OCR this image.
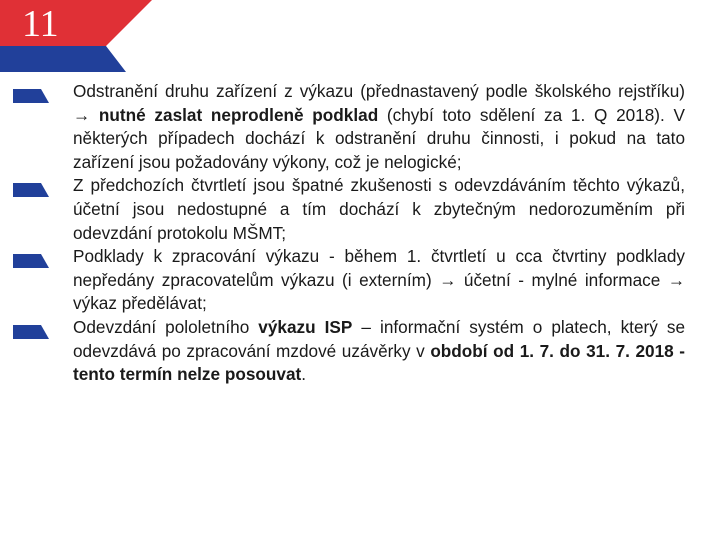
11
Odstranění druhu zařízení z výkazu (přednastavený podle školského rejstříku) → nutné zaslat neprodleně podklad (chybí toto sdělení za 1. Q 2018). V některých případech dochází k odstranění druhu činnosti, i pokud na tato zařízení jsou požadovány výkony, což je nelogické;
Z předchozích čtvrtletí jsou špatné zkušenosti s odevzdáváním těchto výkazů, účetní jsou nedostupné a tím dochází k zbytečným nedorozuměním při odevzdání protokolu MŠMT;
Podklady k zpracování výkazu - během 1. čtvrtletí u cca čtvrtiny podklady nepředány zpracovatelům výkazu (i externím) → účetní - mylné informace → výkaz předělávat;
Odevzdání pololetního výkazu ISP – informační systém o platech, který se odevzdává po zpracování mzdové uzávěrky v období od 1. 7. do 31. 7. 2018 - tento termín nelze posouvat.
